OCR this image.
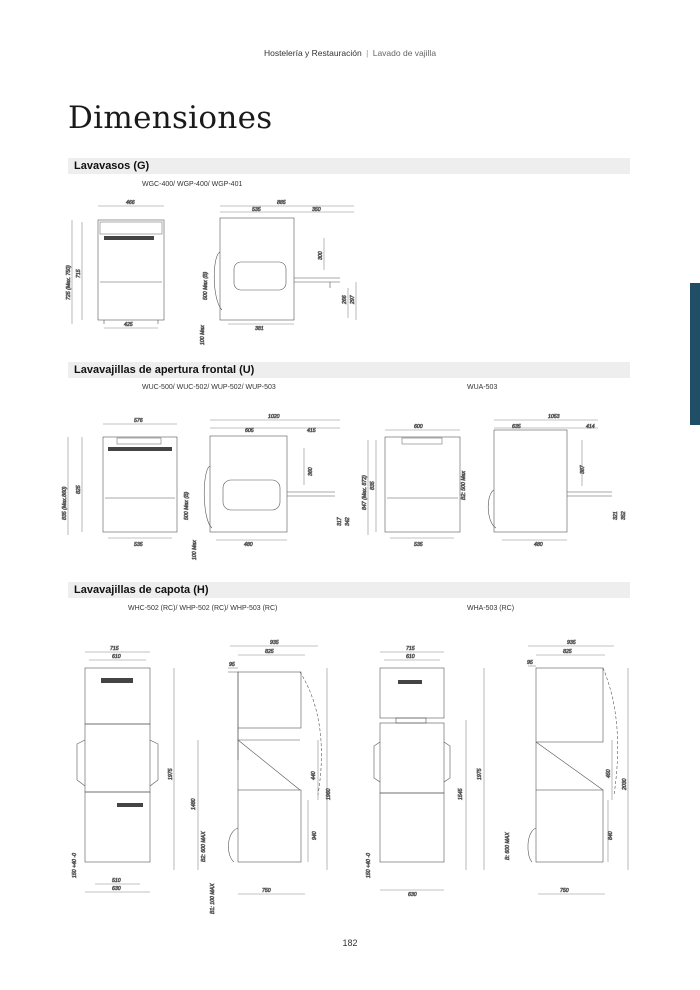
Hostelería y Restauración | Lavado de vajilla
Dimensiones
Lavavasos (G)
WGC-400/ WGP-400/ WGP-401
Lavavajillas de apertura frontal (U)
WUC-500/ WUC-502/ WUP-502/ WUP-503	WUA-503
Lavavajillas de capota (H)
WHC-502 (RC)/ WHP-502 (RC)/ WHP-503 (RC)	WHA-503 (RC)
466
425
725 (Max. 750) 715
885
535	350
300
266 297
381
500 Max (B)
100 Max
576
535
835 (Max.860) 825
1020
605	415
360
317 342
480
500 Max (B)
100 Max
600
535
847 (Max. 872) 835	B2: 500 Max
1053
635	414
387
321 352
480
715
610
510
630
150 +40 -0
1975
935
825
95
1480
1960
440
940
B2: 600 MAX
B1: 100 MAX	750
715
610
1545
1975
630
150 +40 -0
935
825
95
450
2030
840
B: 600 MAX
750
182
